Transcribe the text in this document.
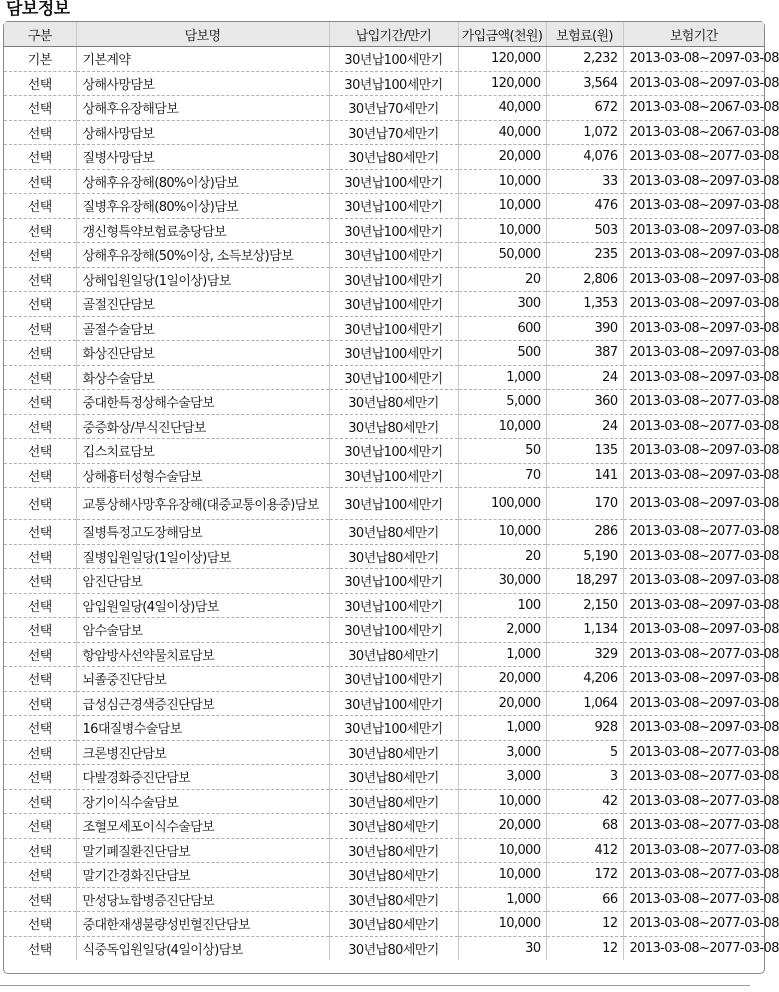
담보정보
구분	담보명	납입기간/만기	가입금액(천원)	보험료(원)	보험기간
기본	기본계약	30년납100세만기	120,000	2,232	2013-03-08~2097-03-08
선택	상해사망담보	30년납100세만기	120,000	3,564	2013-03-08~2097-03-08
선택	상해후유장해담보	30년납70세만기	40,000	672	2013-03-08~2067-03-08
선택	상해사망담보	30년납70세만기	40,000	1,072	2013-03-08~2067-03-08
선택	질병사망담보	30년납80세만기	20,000	4,076	2013-03-08~2077-03-08
선택	상해후유장해(80%이상)담보	30년납100세만기	10,000	33	2013-03-08~2097-03-08
선택	질병후유장해(80%이상)담보	30년납100세만기	10,000	476	2013-03-08~2097-03-08
선택	갱신형특약보험료충당담보	30년납100세만기	10,000	503	2013-03-08~2097-03-08
선택	상해후유장해(50%이상, 소득보상)담보	30년납100세만기	50,000	235	2013-03-08~2097-03-08
선택	상해입원일당(1일이상)담보	30년납100세만기	20	2,806	2013-03-08~2097-03-08
선택	골절진단담보	30년납100세만기	300	1,353	2013-03-08~2097-03-08
선택	골절수술담보	30년납100세만기	600	390	2013-03-08~2097-03-08
선택	화상진단담보	30년납100세만기	500	387	2013-03-08~2097-03-08
선택	화상수술담보	30년납100세만기	1,000	24	2013-03-08~2097-03-08
선택	중대한특정상해수술담보	30년납80세만기	5,000	360	2013-03-08~2077-03-08
선택	중증화상/부식진단담보	30년납80세만기	10,000	24	2013-03-08~2077-03-08
선택	깁스치료담보	30년납100세만기	50	135	2013-03-08~2097-03-08
선택	상해흉터성형수술담보	30년납100세만기	70	141	2013-03-08~2097-03-08
선택	교통상해사망후유장해(대중교통이용중)담보	30년납100세만기	100,000	170	2013-03-08~2097-03-08
선택	질병특정고도장해담보	30년납80세만기	10,000	286	2013-03-08~2077-03-08
선택	질병입원일당(1일이상)담보	30년납80세만기	20	5,190	2013-03-08~2077-03-08
선택	암진단담보	30년납100세만기	30,000	18,297	2013-03-08~2097-03-08
선택	암입원일당(4일이상)담보	30년납100세만기	100	2,150	2013-03-08~2097-03-08
선택	암수술담보	30년납100세만기	2,000	1,134	2013-03-08~2097-03-08
선택	항암방사선약물치료담보	30년납80세만기	1,000	329	2013-03-08~2077-03-08
선택	뇌졸중진단담보	30년납100세만기	20,000	4,206	2013-03-08~2097-03-08
선택	급성심근경색증진단담보	30년납100세만기	20,000	1,064	2013-03-08~2097-03-08
선택	16대질병수술담보	30년납100세만기	1,000	928	2013-03-08~2097-03-08
선택	크론병진단담보	30년납80세만기	3,000	5	2013-03-08~2077-03-08
선택	다발경화증진단담보	30년납80세만기	3,000	3	2013-03-08~2077-03-08
선택	장기이식수술담보	30년납80세만기	10,000	42	2013-03-08~2077-03-08
선택	조혈모세포이식수술담보	30년납80세만기	20,000	68	2013-03-08~2077-03-08
선택	말기폐질환진단담보	30년납80세만기	10,000	412	2013-03-08~2077-03-08
선택	말기간경화진단담보	30년납80세만기	10,000	172	2013-03-08~2077-03-08
선택	만성당뇨합병증진단담보	30년납80세만기	1,000	66	2013-03-08~2077-03-08
선택	중대한재생불량성빈혈진단담보	30년납80세만기	10,000	12	2013-03-08~2077-03-08
선택	식중독입원일당(4일이상)담보	30년납80세만기	30	12	2013-03-08~2077-03-08
